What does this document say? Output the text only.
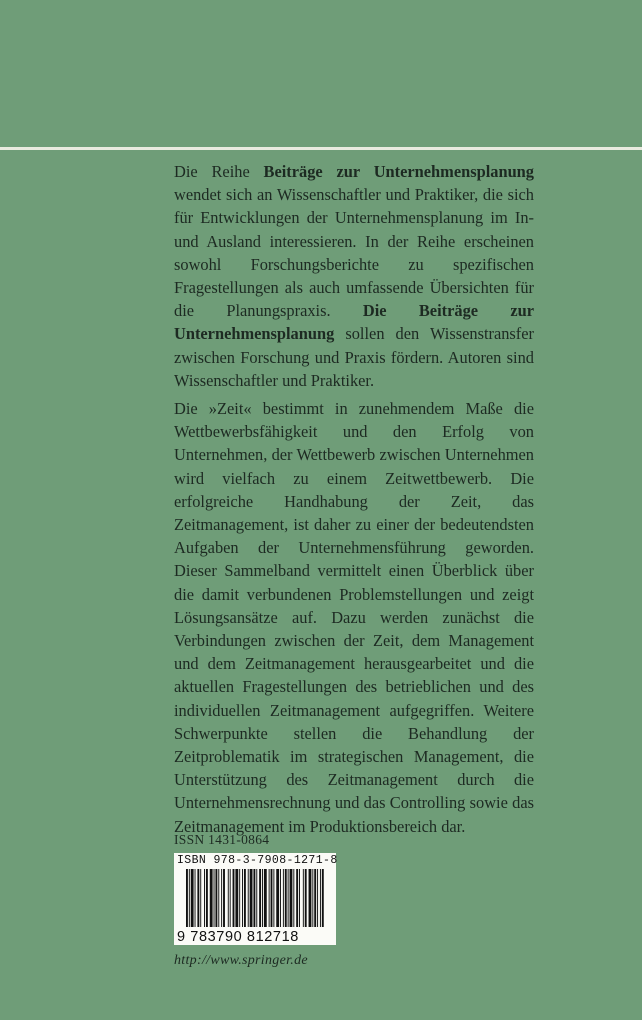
Die Reihe Beiträge zur Unternehmensplanung wendet sich an Wissenschaftler und Praktiker, die sich für Entwicklungen der Unternehmensplanung im In- und Ausland interessieren. In der Reihe erscheinen sowohl Forschungsberichte zu spezifischen Fragestellungen als auch umfassende Übersichten für die Planungspraxis. Die Beiträge zur Unternehmensplanung sollen den Wissenstransfer zwischen Forschung und Praxis fördern. Autoren sind Wissenschaftler und Praktiker.

Die »Zeit« bestimmt in zunehmendem Maße die Wettbewerbsfähigkeit und den Erfolg von Unternehmen, der Wettbewerb zwischen Unternehmen wird vielfach zu einem Zeitwettbewerb. Die erfolgreiche Handhabung der Zeit, das Zeitmanagement, ist daher zu einer der bedeutendsten Aufgaben der Unternehmensführung geworden. Dieser Sammelband vermittelt einen Überblick über die damit verbundenen Problemstellungen und zeigt Lösungsansätze auf. Dazu werden zunächst die Verbindungen zwischen der Zeit, dem Management und dem Zeitmanagement herausgearbeitet und die aktuellen Fragestellungen des betrieblichen und des individuellen Zeitmanagement aufgegriffen. Weitere Schwerpunkte stellen die Behandlung der Zeitproblematik im strategischen Management, die Unterstützung des Zeitmanagement durch die Unternehmensrechnung und das Controlling sowie das Zeitmanagement im Produktionsbereich dar.

ISSN 1431-0864
ISBN 978-3-7908-1271-8
9 783790 812718
http://www.springer.de
